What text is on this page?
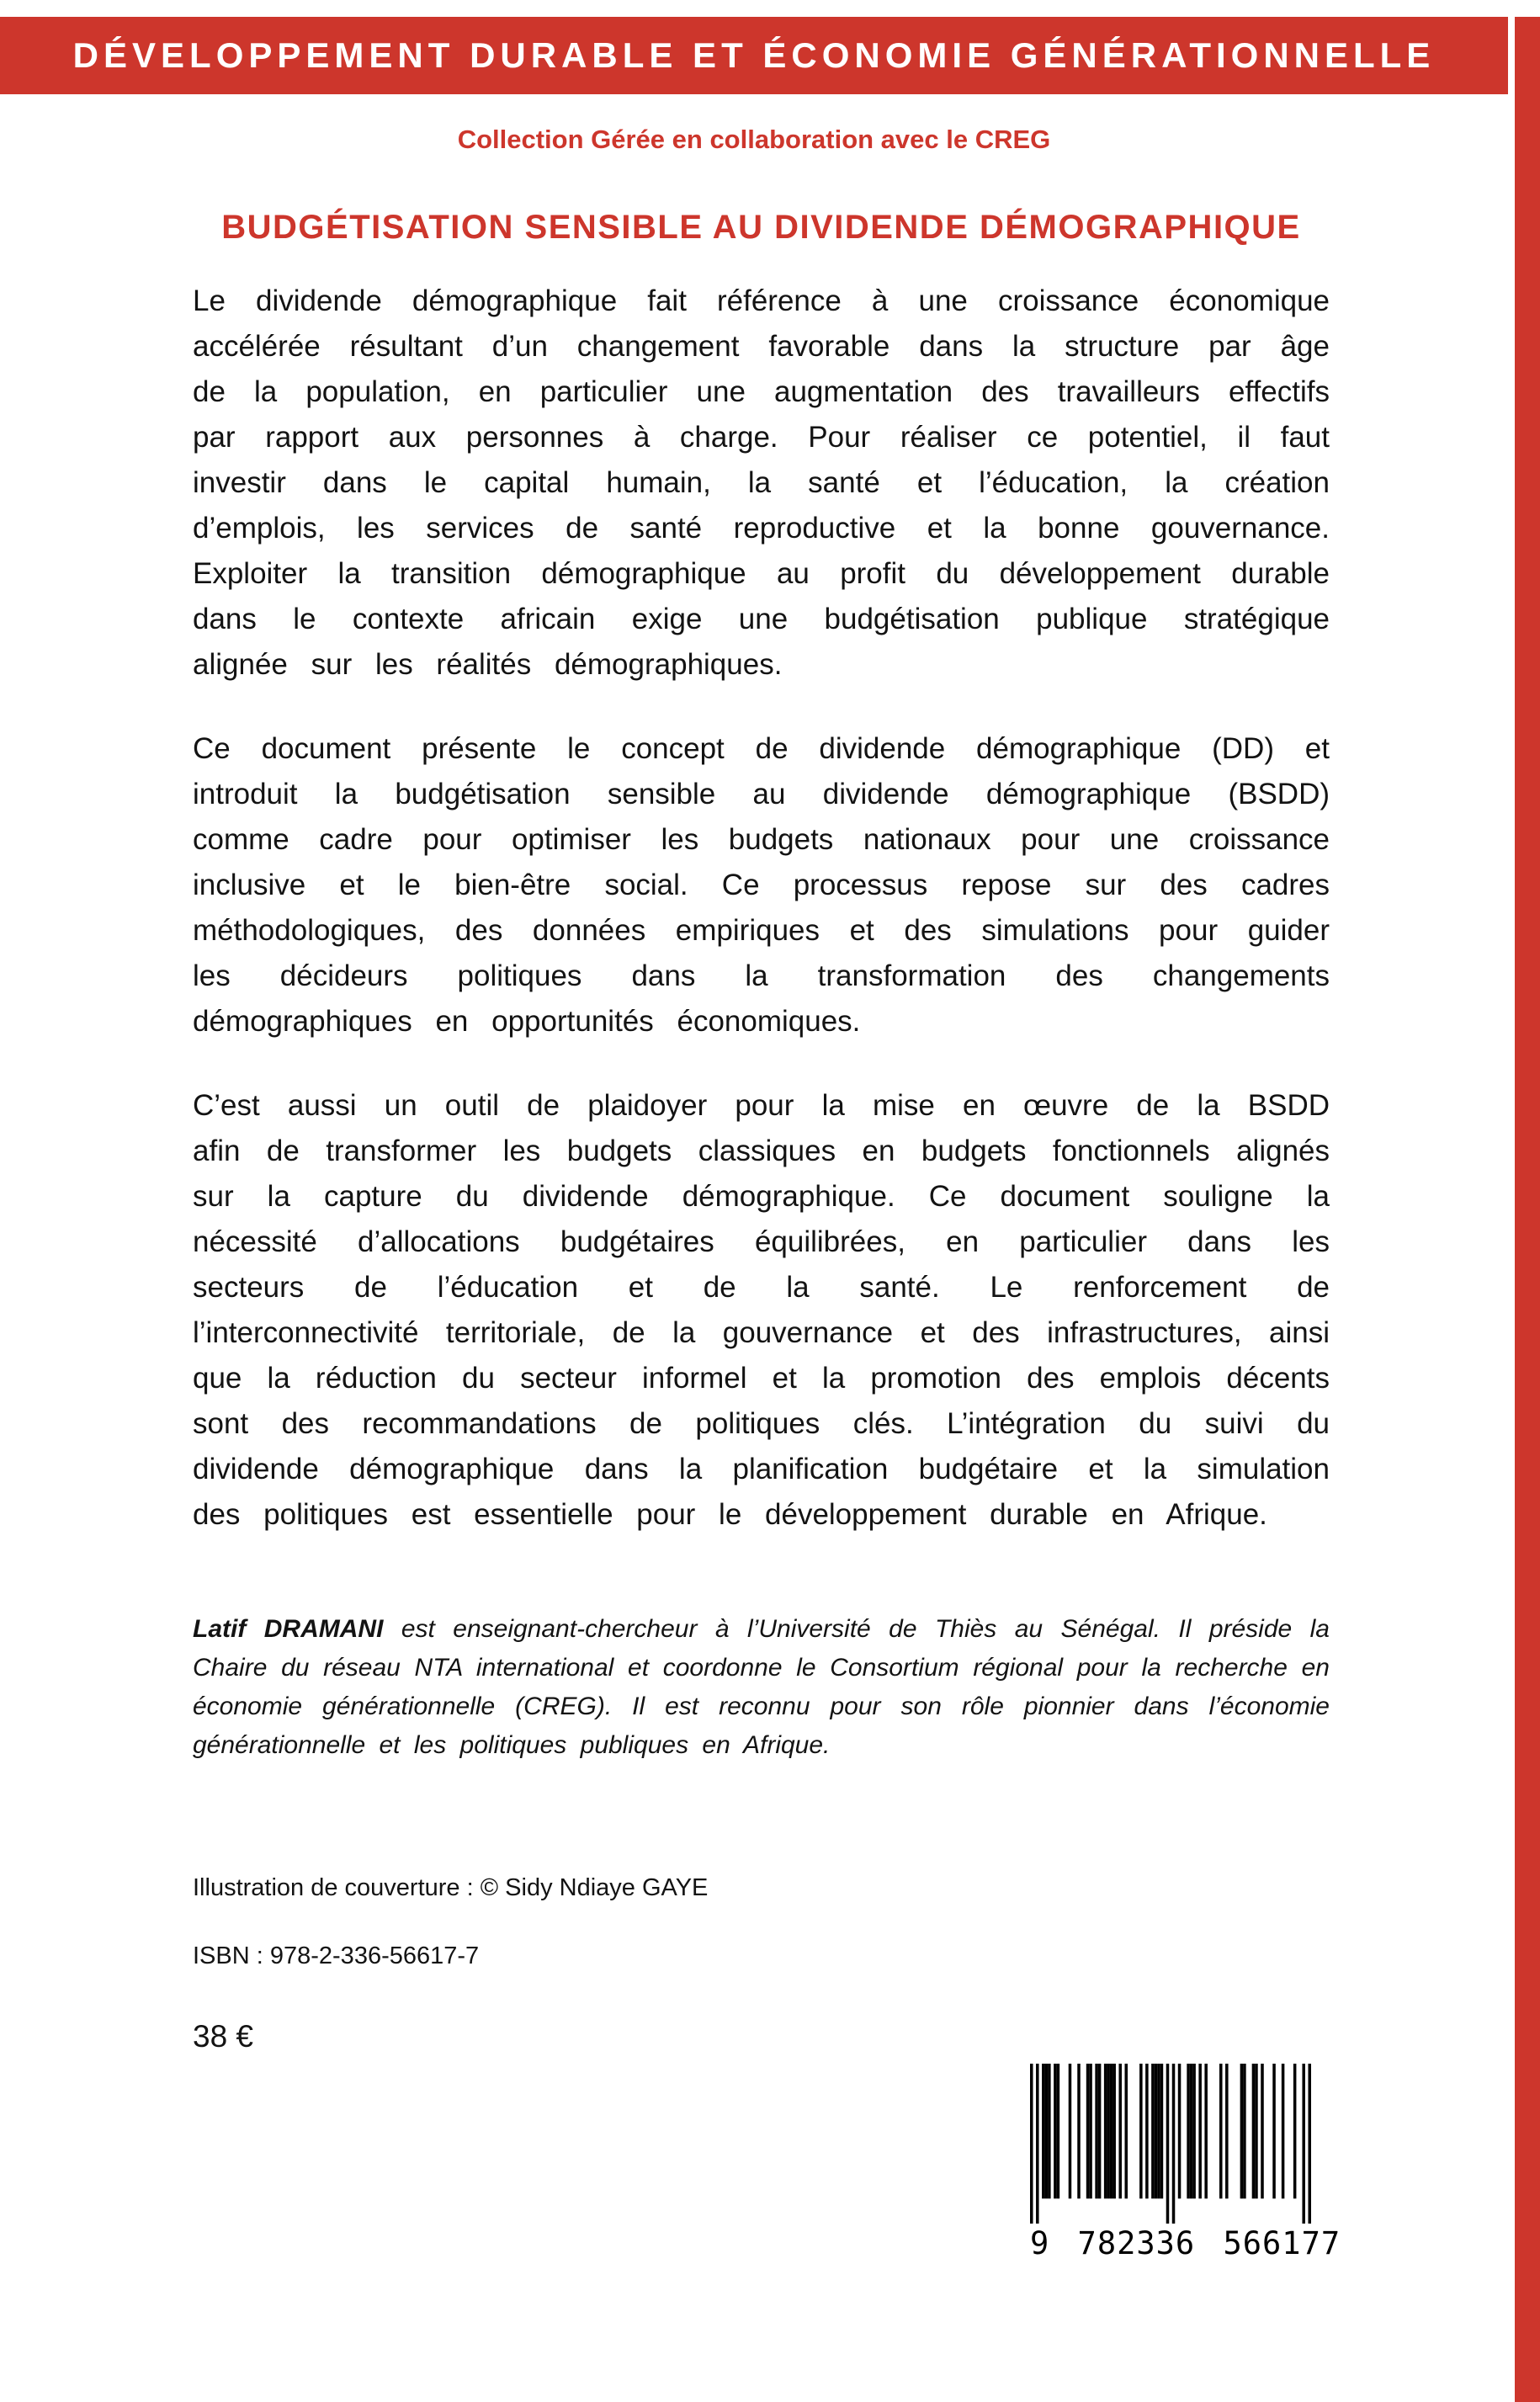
DÉVELOPPEMENT DURABLE ET ÉCONOMIE GÉNÉRATIONNELLE
Collection Gérée en collaboration avec le CREG
BUDGÉTISATION SENSIBLE AU DIVIDENDE DÉMOGRAPHIQUE

Le dividende démographique fait référence à une croissance économique accélérée résultant d’un changement favorable dans la structure par âge de la population, en particulier une augmentation des travailleurs effectifs par rapport aux personnes à charge. Pour réaliser ce potentiel, il faut investir dans le capital humain, la santé et l’éducation, la création d’emplois, les services de santé reproductive et la bonne gouvernance. Exploiter la transition démographique au profit du développement durable dans le contexte africain exige une budgétisation publique stratégique alignée sur les réalités démographiques.

Ce document présente le concept de dividende démographique (DD) et introduit la budgétisation sensible au dividende démographique (BSDD) comme cadre pour optimiser les budgets nationaux pour une croissance inclusive et le bien-être social. Ce processus repose sur des cadres méthodologiques, des données empiriques et des simulations pour guider les décideurs politiques dans la transformation des changements démographiques en opportunités économiques.

C’est aussi un outil de plaidoyer pour la mise en œuvre de la BSDD afin de transformer les budgets classiques en budgets fonctionnels alignés sur la capture du dividende démographique. Ce document souligne la nécessité d’allocations budgétaires équilibrées, en particulier dans les secteurs de l’éducation et de la santé. Le renforcement de l’interconnectivité territoriale, de la gouvernance et des infrastructures, ainsi que la réduction du secteur informel et la promotion des emplois décents sont des recommandations de politiques clés. L’intégration du suivi du dividende démographique dans la planification budgétaire et la simulation des politiques est essentielle pour le développement durable en Afrique.

Latif DRAMANI est enseignant-chercheur à l’Université de Thiès au Sénégal. Il préside la Chaire du réseau NTA international et coordonne le Consortium régional pour la recherche en économie générationnelle (CREG). Il est reconnu pour son rôle pionnier dans l’économie générationnelle et les politiques publiques en Afrique.

Illustration de couverture : © Sidy Ndiaye GAYE
ISBN : 978-2-336-56617-7
38 €
9 782336 566177
